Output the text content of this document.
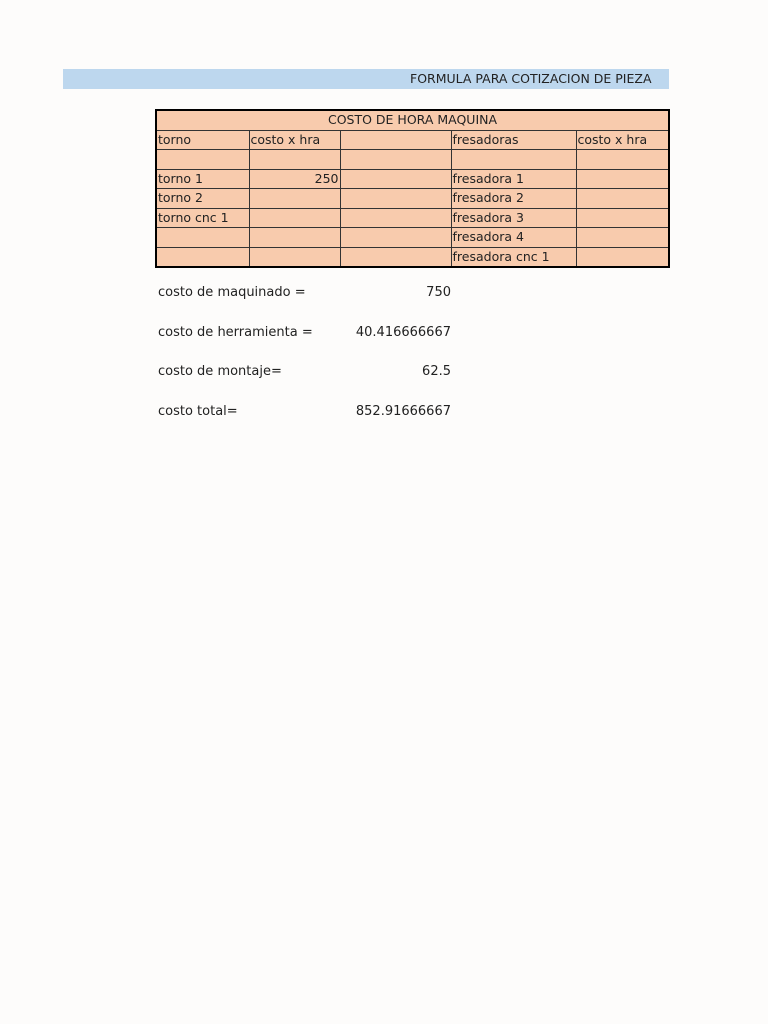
FORMULA PARA COTIZACION DE PIEZA
COSTO DE HORA MAQUINA				
torno	costo x hra		fresadoras	costo x hra

torno 1	250		fresadora 1	
torno 2			fresadora 2	
torno cnc 1			fresadora 3	
			fresadora 4	
			fresadora cnc 1	
costo de maquinado =	750
costo de herramienta =	40.416666667
costo de montaje=	62.5
costo total=	852.91666667
